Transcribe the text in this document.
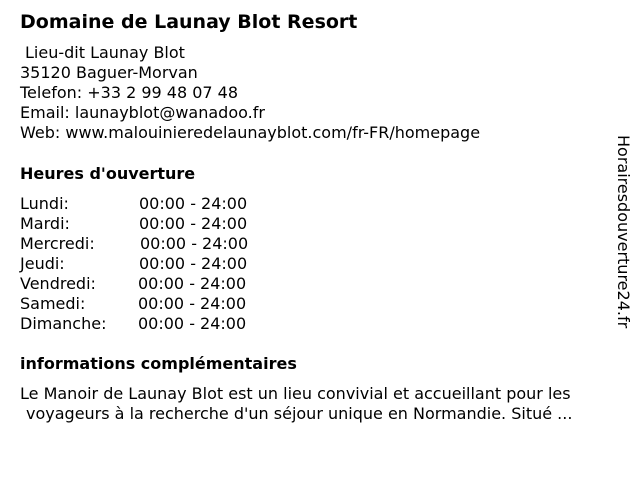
Domaine de Launay Blot Resort
Lieu-dit Launay Blot
35120 Baguer-Morvan
Telefon: +33 2 99 48 07 48
Email: launayblot@wanadoo.fr
Web: www.malouinieredelaunayblot.com/fr-FR/homepage
Heures d'ouverture
Lundi:	00:00 - 24:00
Mardi:	00:00 - 24:00
Mercredi:	00:00 - 24:00
Jeudi:	00:00 - 24:00
Vendredi:	00:00 - 24:00
Samedi:	00:00 - 24:00
Dimanche: 00:00 - 24:00
informations complémentaires
Le Manoir de Launay Blot est un lieu convivial et accueillant pour les
voyageurs à la recherche d'un séjour unique en Normandie. Situé ...
Horairesdouverture24.fr
